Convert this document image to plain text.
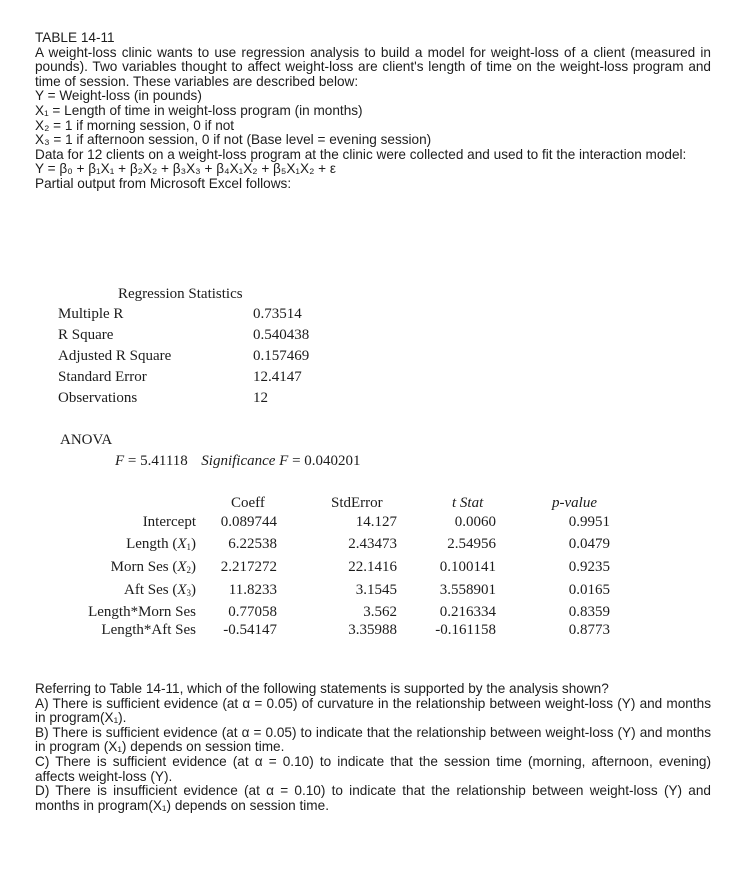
TABLE 14-11

A weight-loss clinic wants to use regression analysis to build a model for weight-loss of a client (measured in pounds). Two variables thought to affect weight-loss are client's length of time on the weight-loss program and time of session. These variables are described below:

Y = Weight-loss (in pounds)

X₁ = Length of time in weight-loss program (in months)

X₂ = 1 if morning session, 0 if not

X₃ = 1 if afternoon session, 0 if not (Base level = evening session)

Data for 12 clients on a weight-loss program at the clinic were collected and used to fit the interaction model:

Y = β₀ + β₁X₁ + β₂X₂ + β₃X₃ + β₄X₁X₂ + β₅X₁X₂ + ε

Partial output from Microsoft Excel follows:

Regression Statistics
Multiple R	0.73514
R Square	0.540438
Adjusted R Square	0.157469
Standard Error	12.4147
Observations	12
ANOVA
F = 5.41118 Significance F = 0.040201
Coeff	StdError	t Stat	p-value
Intercept 0.089744	14.127	0.0060	0.9951
Length $(X_1)$ 6.22538	2.43473	2.54956	0.0479
Morn Ses $(X_2)$ 2.217272	22.1416	0.100141	0.9235
Aft Ses $(X_3)$ 11.8233	3.1545	3.558901	0.0165
Length*Morn Ses 0.77058	3.562	0.216334	0.8359
Length*Aft Ses -0.54147	3.35988	-0.161158	0.8773

Referring to Table 14-11, which of the following statements is supported by the analysis shown?

A) There is sufficient evidence (at α = 0.05) of curvature in the relationship between weight-loss (Y) and months in program(X₁).

B) There is sufficient evidence (at α = 0.05) to indicate that the relationship between weight-loss (Y) and months in program (X₁) depends on session time.

C) There is sufficient evidence (at α = 0.10) to indicate that the session time (morning, afternoon, evening) affects weight-loss (Y).

D) There is insufficient evidence (at α = 0.10) to indicate that the relationship between weight-loss (Y) and months in program(X₁) depends on session time.
